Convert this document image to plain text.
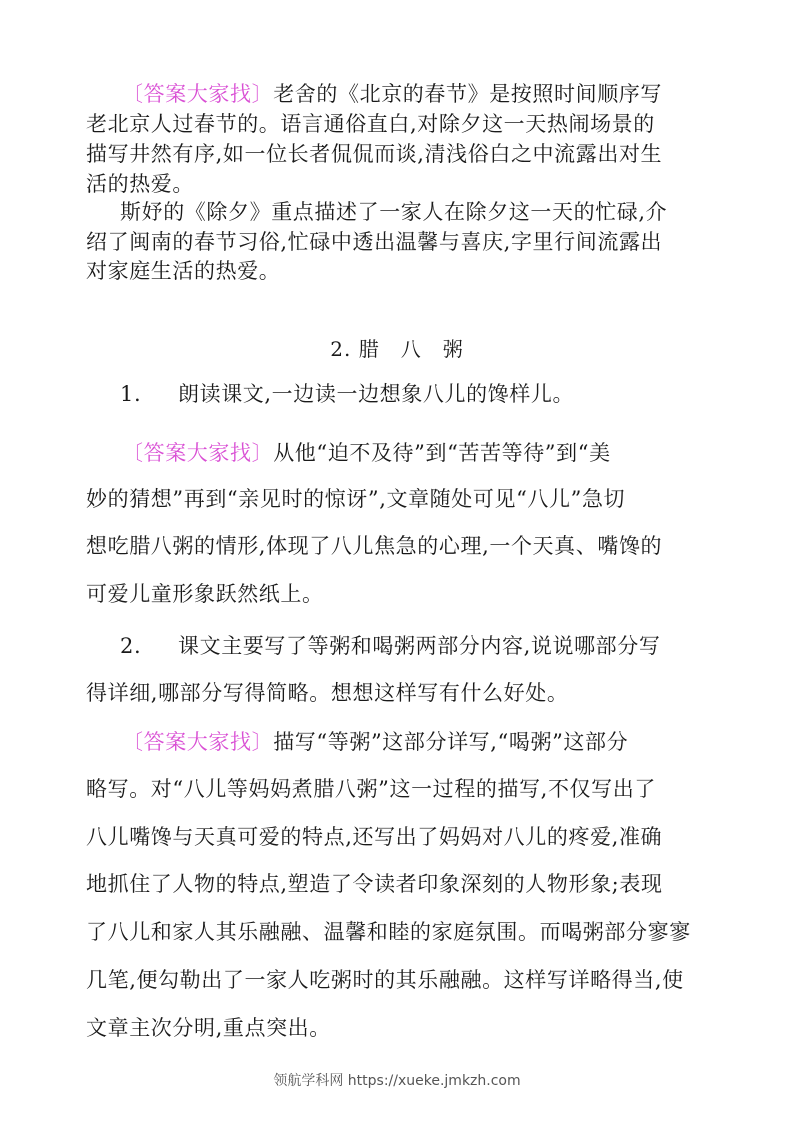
〔答案大家找〕老舍的《北京的春节》是按照时间顺序写
老北京人过春节的。语言通俗直白,对除夕这一天热闹场景的
描写井然有序,如一位长者侃侃而谈,清浅俗白之中流露出对生
活的热爱。
斯妤的《除夕》重点描述了一家人在除夕这一天的忙碌,介
绍了闽南的春节习俗,忙碌中透出温馨与喜庆,字里行间流露出
对家庭生活的热爱。
2. 腊　八　粥
1. 朗读课文,一边读一边想象八儿的馋样儿。
〔答案大家找〕从他“迫不及待”到“苦苦等待”到“美
妙的猜想”再到“亲见时的惊讶”,文章随处可见“八儿”急切
想吃腊八粥的情形,体现了八儿焦急的心理,一个天真、嘴馋的
可爱儿童形象跃然纸上。
2. 课文主要写了等粥和喝粥两部分内容,说说哪部分写
得详细,哪部分写得简略。想想这样写有什么好处。
〔答案大家找〕描写“等粥”这部分详写,“喝粥”这部分
略写。对“八儿等妈妈煮腊八粥”这一过程的描写,不仅写出了
八儿嘴馋与天真可爱的特点,还写出了妈妈对八儿的疼爱,准确
地抓住了人物的特点,塑造了令读者印象深刻的人物形象;表现
了八儿和家人其乐融融、温馨和睦的家庭氛围。而喝粥部分寥寥
几笔,便勾勒出了一家人吃粥时的其乐融融。这样写详略得当,使
文章主次分明,重点突出。
领航学科网 https://xueke.jmkzh.com
